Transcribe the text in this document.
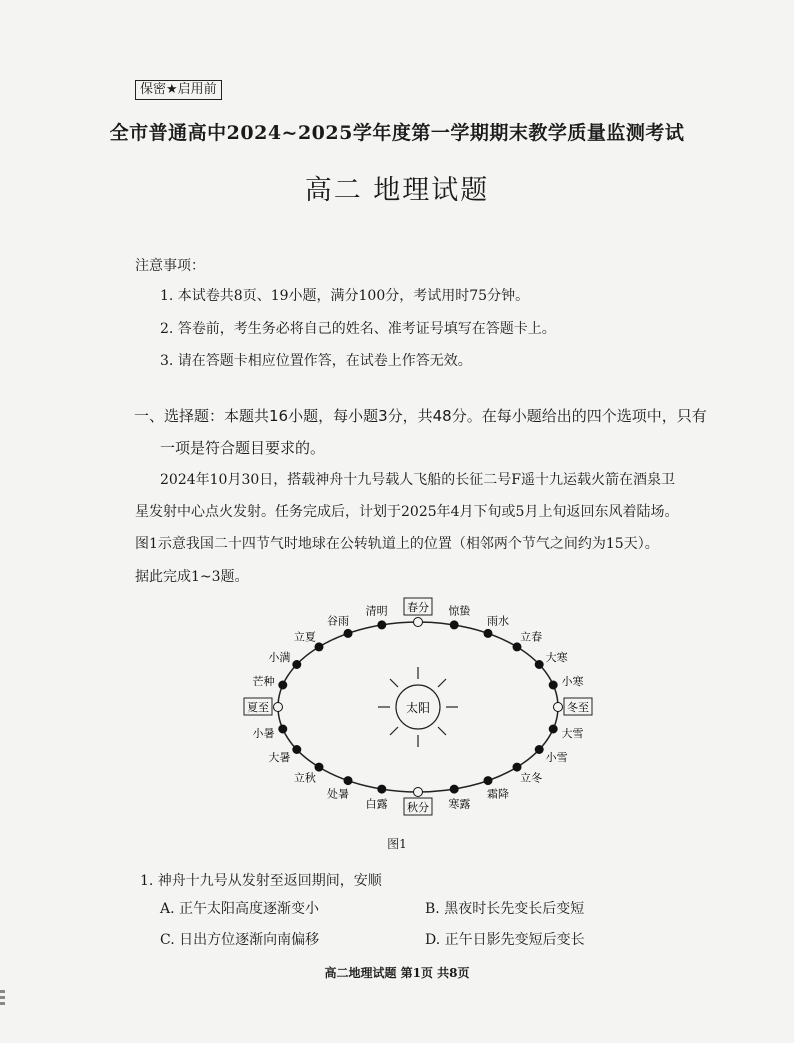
保密★启用前
全市普通高中2024~2025学年度第一学期期末教学质量监测考试
高二 地理试题
注意事项：
1. 本试卷共8页、19小题，满分100分，考试用时75分钟。
2. 答卷前，考生务必将自己的姓名、准考证号填写在答题卡上。
3. 请在答题卡相应位置作答，在试卷上作答无效。
一、选择题：本题共16小题，每小题3分，共48分。在每小题给出的四个选项中，只有
一项是符合题目要求的。
2024年10月30日，搭载神舟十九号载人飞船的长征二号F遥十九运载火箭在酒泉卫
星发射中心点火发射。任务完成后，计划于2025年4月下旬或5月上旬返回东风着陆场。
图1示意我国二十四节气时地球在公转轨道上的位置（相邻两个节气之间约为15天）。
据此完成1~3题。
太阳
春分 惊蛰
雨水
立春
大寒
小寒
冬至
大雪
小雪
立冬
霜降
寒露
秋分
白露
处暑
立秋
大暑
小暑
夏至
芒种
小满
立夏
谷雨
清明
图1
1. 神舟十九号从发射至返回期间，安顺
A. 正午太阳高度逐渐变小	B. 黑夜时长先变长后变短
C. 日出方位逐渐向南偏移	D. 正午日影先变短后变长
高二地理试题 第1页 共8页
